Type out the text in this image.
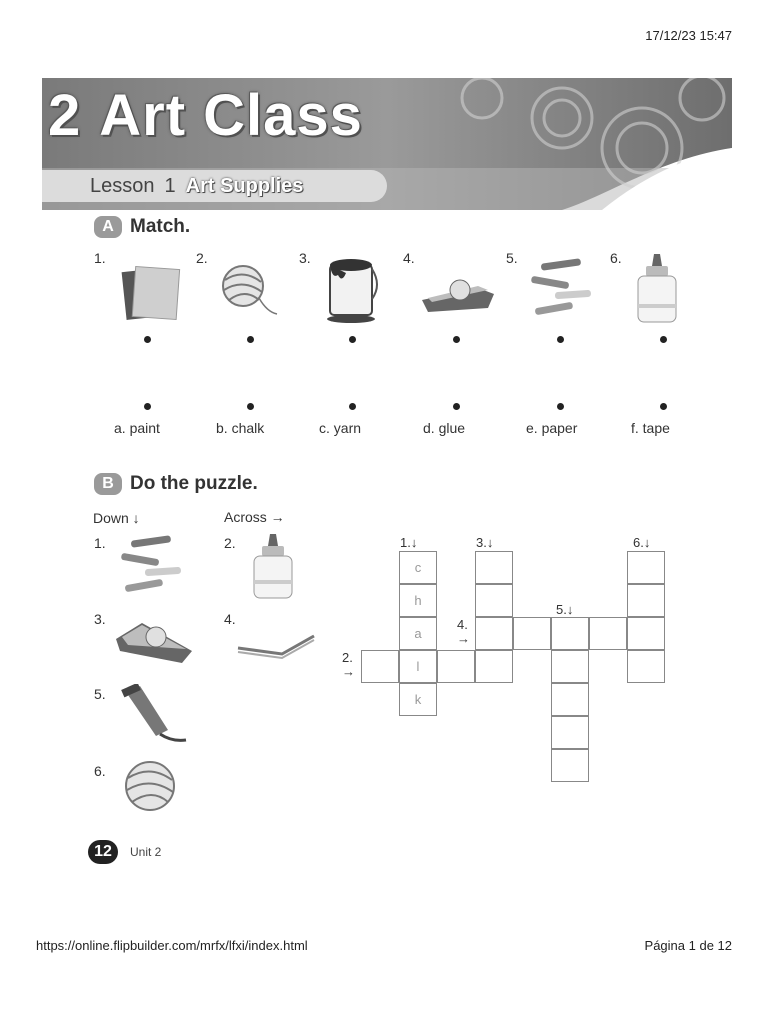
17/12/23 15:47
2 Art Class
Lesson 1 Art Supplies
A Match.
1.	2.	3.	4.	5.	6.
a. paint	b. chalk	c. yarn	d. glue	e. paper	f. tape
B Do the puzzle.
Down ↓	Across →
1.	2.
3.	4.
5.
6.
1.↓	3.↓	6.↓
5.↓
4.
→
2.
→
c
h
a
l
k
12	Unit 2
https://online.flipbuilder.com/mrfx/lfxi/index.html	Página 1 de 12
